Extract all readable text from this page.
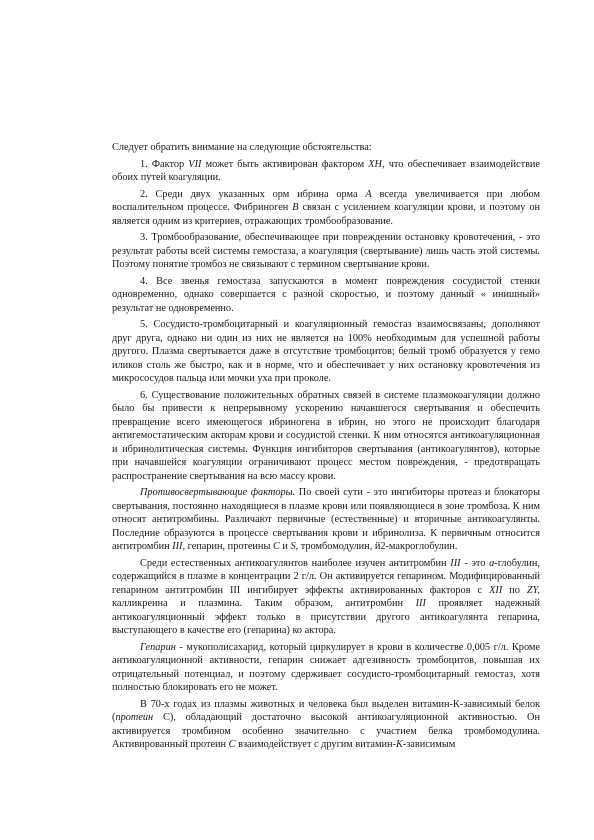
Следует обратить внимание на следующие обстоятельства:

1. Фактор VII может быть активирован фактором XH, что обеспечивает взаимодействие обоих путей коагуляции.

2. Среди двух указанных орм ибрина орма А всегда увеличивается при любом воспалительном процессе. Фибриноген В связан с усилением коагуляции крови, и поэтому он является одним из критериев, отражающих тромбообразование.

3. Тромбообразование, обеспечивающее при повреждении остановку кровотечения, - это результат работы всей системы гемостаза, а коагуляция (свертывание) лишь часть этой системы. Поэтому понятие тромбоз не связывают с термином свертывание крови.

4. Все звенья гемостаза запускаются в момент повреждения сосудистой стенки одновременно, однако совершается с разной скоростью, и поэтому данный « инишный» результат не одновременно.

5. Сосудисто-тромбоцитарный и коагуляционный гемостаз взаимосвязаны, дополняют друг друга, однако ни один из них не является на 100% необходимым для успешной работы другого. Плазма свертывается даже в отсутствие тромбоцитов; белый тромб образуется у гемо иликов столь же быстро, как и в норме, что и обеспечивает у них остановку кровотечения из микрососудов пальца или мочки уха при проколе.

6. Существование положительных обратных связей в системе плазмокоагуляции должно было бы привести к непрерывному ускорению начавшегося свертывания и обеспечить превращение всего имеющегося ибриногена в ибрин, но этого не происходит благодаря антигемостатическим акторам крови и сосудистой стенки. К ним относятся антикоагуляционная и ибринолитическая системы. Функция ингибиторов свертывания (антикоагулянтов), которые при начавшейся коагуляции ограничивают процесс местом повреждения, - предотвращать распространение свертывания на всю массу крови.

Противосвертывающие факторы. По своей сути - это ингибиторы протеаз и блокаторы свертывания, постоянно находящиеся в плазме крови или появляющиеся в зоне тромбоза. К ним относят антитромбины. Различают первичные (естественные) и вторичные антикоагулянты. Последние образуются в процессе свертывания крови и ибринолиза. К первичным относится антитромбин III, гепарин, протеины С и S, тромбомодулин, й2-макроглобулин.

Среди естественных антикоагулянтов наиболее изучен антитромбин III - это а-глобулин, содержащийся в плазме в концентрации 2 г/л. Он активируется гепарином. Модифицированный гепарином антитромбин III ингибирует эффекты активированных факторов с XII по ZY, калликреина и плазмина. Таким образом, антитромбин III проявляет надежный антикоагуляционный эффект только в присутствии другого антикоагулянта гепарина, выступающего в качестве его (гепарина) ко актора.

Гепарин - мукополисахарид, который циркулирует в крови в количестве 0,005 г/л. Кроме антикоагуляционной активности, гепарин снижает адгезивность тромбоцитов, повышая их отрицательный потенциал, и поэтому сдерживает сосудисто-тромбоцитарный гемостаз, хотя полностью блокировать его не может.

В 70-х годах из плазмы животных и человека был выделен витамин-К-зависимый белок (протеин С), обладающий достаточно высокой антикоагуляционной активностью. Он активируется тромбином особенно значительно с участием белка тромбомодулина. Активированный протеин С взаимодействует с другим витамин-К-зависимым
